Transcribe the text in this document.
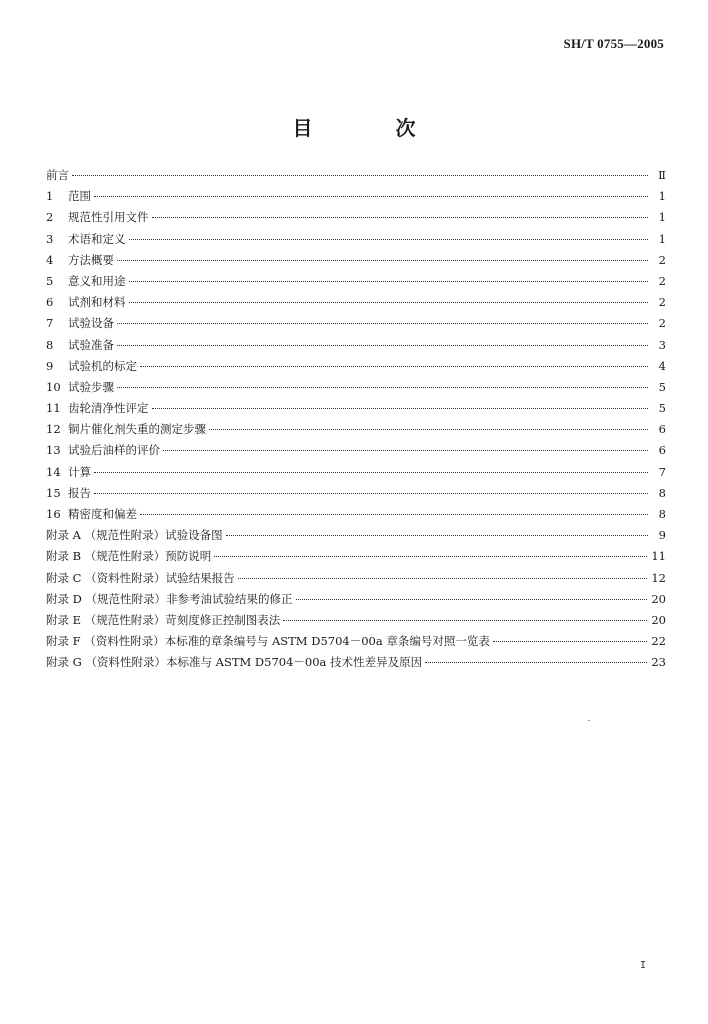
SH/T 0755—2005
目 次
前言	Ⅱ
1 范围	1
2 规范性引用文件	1
3 术语和定义	1
4 方法概要	2
5 意义和用途	2
6 试剂和材料	2
7 试验设备	2
8 试验准备	3
9 试验机的标定	4
10 试验步骤	5
11 齿轮清净性评定	5
12 铜片催化剂失重的测定步骤	6
13 试验后油样的评价	6
14 计算	7
15 报告	8
16 精密度和偏差	8
附录 A （规范性附录）试验设备图	9
附录 B （规范性附录）预防说明	11
附录 C （资料性附录）试验结果报告	12
附录 D （规范性附录）非参考油试验结果的修正	20
附录 E （规范性附录）苛刻度修正控制图表法	20
附录 F （资料性附录）本标准的章条编号与 ASTM D5704－00a 章条编号对照一览表	22
附录 G （资料性附录）本标准与 ASTM D5704－00a 技术性差异及原因	23
I
